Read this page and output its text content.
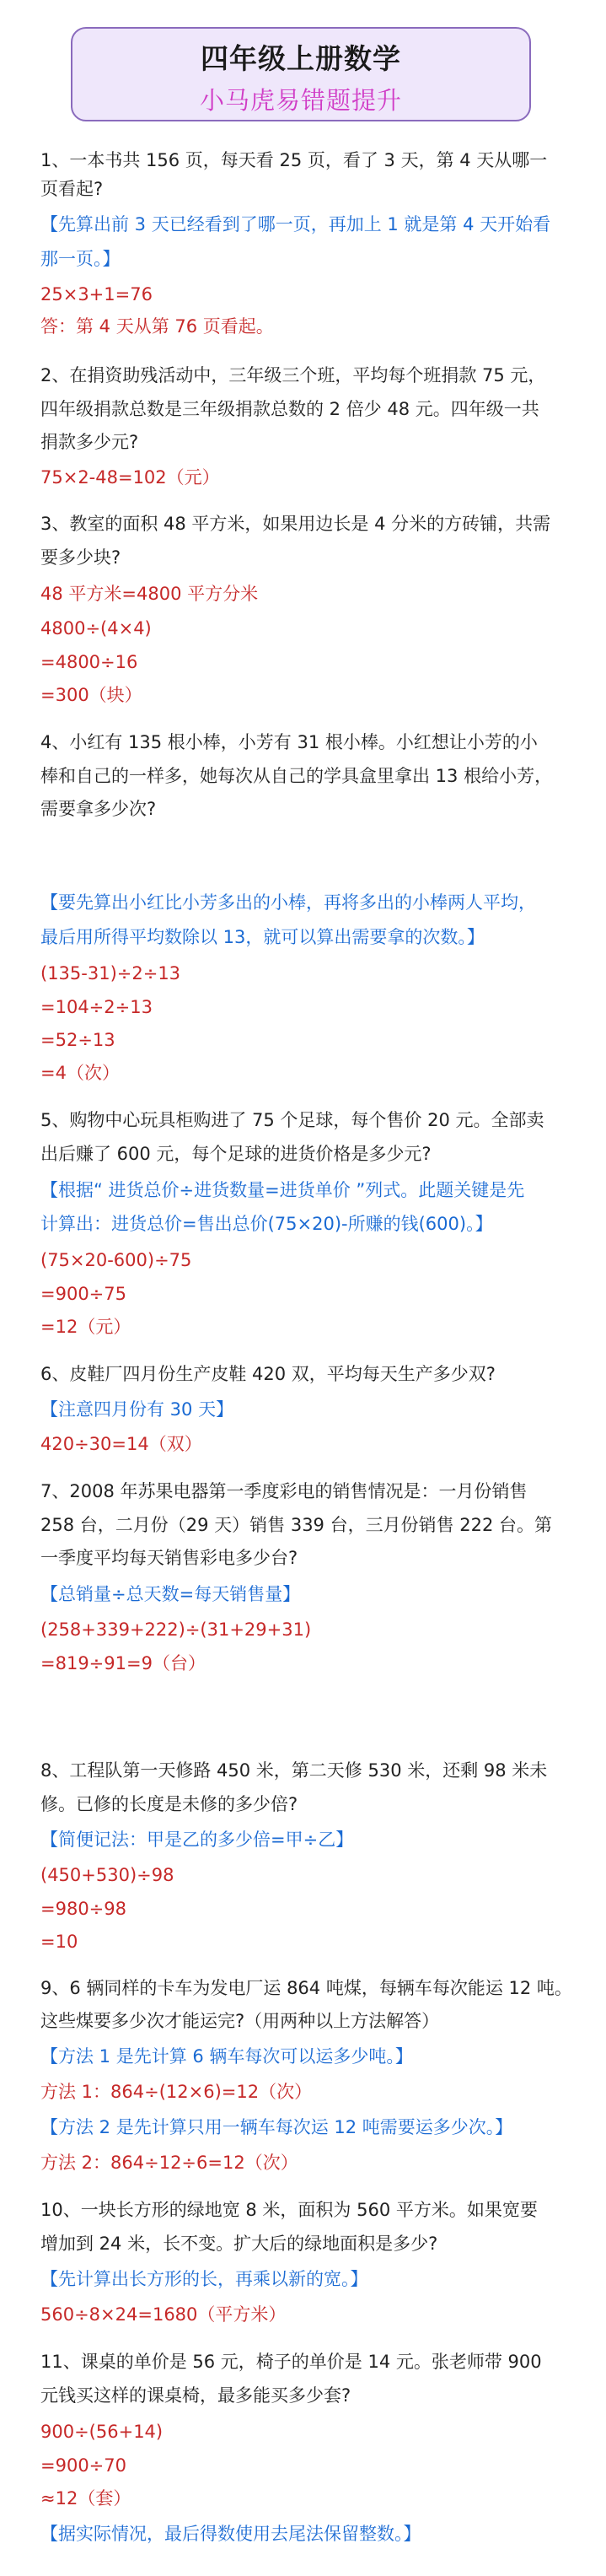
四年级上册数学
小马虎易错题提升
1、一本书共 156 页，每天看 25 页，看了 3 天，第 4 天从哪一
页看起?
【先算出前 3 天已经看到了哪一页，再加上 1 就是第 4 天开始看
那一页。】
25×3+1=76
答：第 4 天从第 76 页看起。
2、在捐资助残活动中，三年级三个班，平均每个班捐款 75 元，
四年级捐款总数是三年级捐款总数的 2 倍少 48 元。四年级一共
捐款多少元?
75×2-48=102（元）
3、教室的面积 48 平方米，如果用边长是 4 分米的方砖铺，共需
要多少块?
48 平方米=4800 平方分米
4800÷(4×4)
=4800÷16
=300（块）
4、小红有 135 根小棒，小芳有 31 根小棒。小红想让小芳的小
棒和自己的一样多，她每次从自己的学具盒里拿出 13 根给小芳，
需要拿多少次?
【要先算出小红比小芳多出的小棒，再将多出的小棒两人平均，
最后用所得平均数除以 13，就可以算出需要拿的次数。】
(135-31)÷2÷13
=104÷2÷13
=52÷13
=4（次）
5、购物中心玩具柜购进了 75 个足球，每个售价 20 元。全部卖
出后赚了 600 元，每个足球的进货价格是多少元?
【根据“ 进货总价÷进货数量=进货单价 ”列式。此题关键是先
计算出：进货总价=售出总价(75×20)-所赚的钱(600)。】
(75×20-600)÷75
=900÷75
=12（元）
6、皮鞋厂四月份生产皮鞋 420 双，平均每天生产多少双?
【注意四月份有 30 天】
420÷30=14（双）
7、2008 年苏果电器第一季度彩电的销售情况是：一月份销售
258 台，二月份（29 天）销售 339 台，三月份销售 222 台。第
一季度平均每天销售彩电多少台?
【总销量÷总天数=每天销售量】
(258+339+222)÷(31+29+31)
=819÷91=9（台）
8、工程队第一天修路 450 米，第二天修 530 米，还剩 98 米未
修。已修的长度是未修的多少倍?
【简便记法：甲是乙的多少倍=甲÷乙】
(450+530)÷98
=980÷98
=10
9、6 辆同样的卡车为发电厂运 864 吨煤，每辆车每次能运 12 吨。
这些煤要多少次才能运完?（用两种以上方法解答）
【方法 1 是先计算 6 辆车每次可以运多少吨。】
方法 1：864÷(12×6)=12（次）
【方法 2 是先计算只用一辆车每次运 12 吨需要运多少次。】
方法 2：864÷12÷6=12（次）
10、一块长方形的绿地宽 8 米，面积为 560 平方米。如果宽要
增加到 24 米，长不变。扩大后的绿地面积是多少?
【先计算出长方形的长，再乘以新的宽。】
560÷8×24=1680（平方米）
11、课桌的单价是 56 元，椅子的单价是 14 元。张老师带 900
元钱买这样的课桌椅，最多能买多少套?
900÷(56+14)
=900÷70
≈12（套）
【据实际情况，最后得数使用去尾法保留整数。】
